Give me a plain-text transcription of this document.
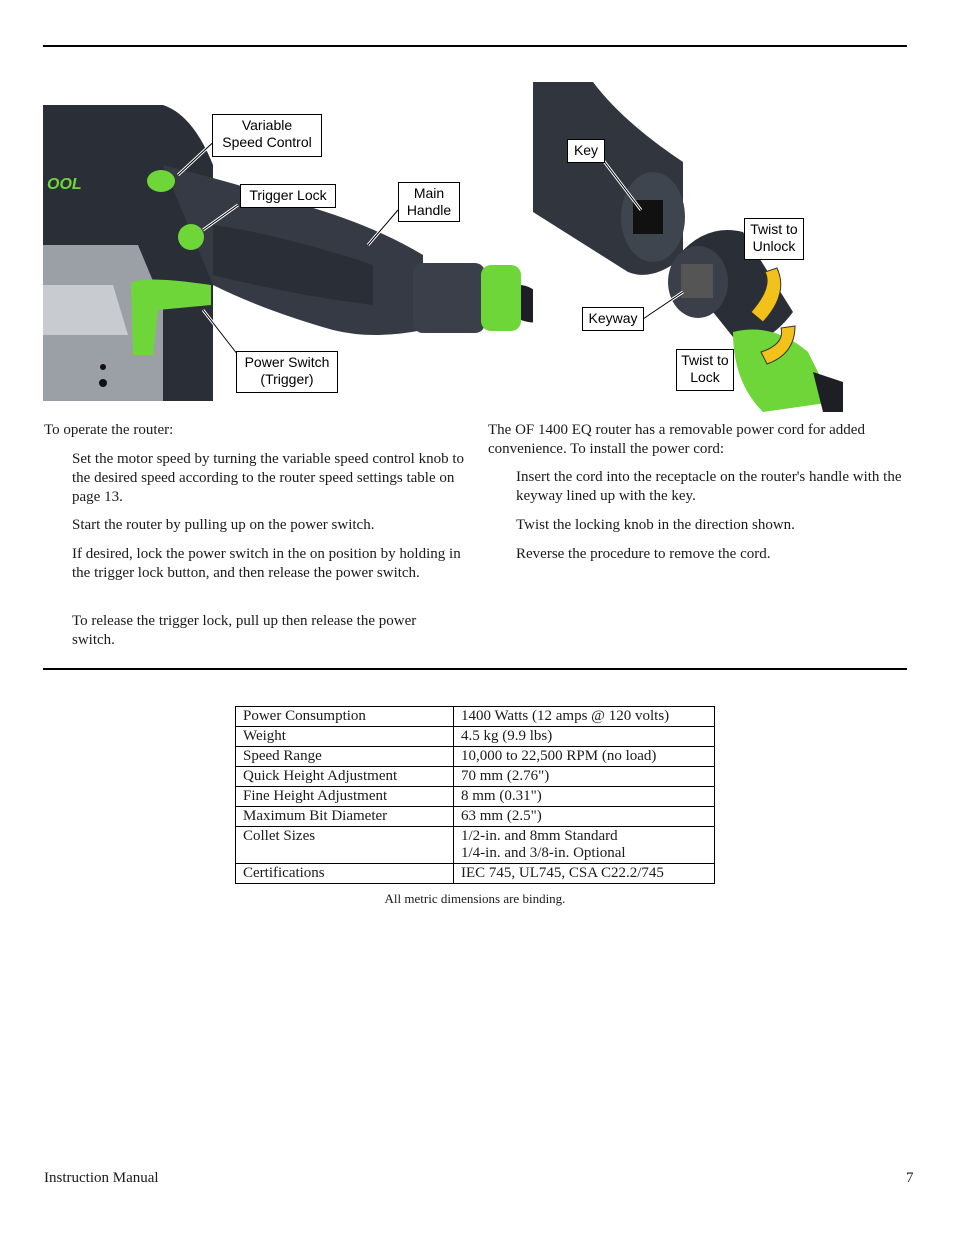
OOL
Variable
Speed Control
Trigger Lock	Main
Handle
Power Switch
(Trigger)
Key
Twist to
Unlock
Keyway
Twist to
Lock
To operate the router:
Set the motor speed by turning the variable speed control knob to the desired speed according to the router speed settings table on page 13.
Start the router by pulling up on the power switch.
If desired, lock the power switch in the on position by holding in the trigger lock button, and then release the power switch.
To release the trigger lock, pull up then release the power switch.
The OF 1400 EQ router has a removable power cord for added convenience. To install the power cord:
Insert the cord into the receptacle on the router's handle with the keyway lined up with the key.
Twist the locking knob in the direction shown.
Reverse the procedure to remove the cord.
Power Consumption	1400 Watts (12 amps @ 120 volts)
Weight	4.5 kg (9.9 lbs)
Speed Range	10,000 to 22,500 RPM (no load)
Quick Height Adjustment	70 mm (2.76")
Fine Height Adjustment	8 mm (0.31")
Maximum Bit Diameter	63 mm (2.5")
Collet Sizes	1/2-in. and 8mm Standard
1/4-in. and 3/8-in. Optional

Certifications	IEC 745, UL745, CSA C22.2/745
All metric dimensions are binding.
Instruction Manual	7
